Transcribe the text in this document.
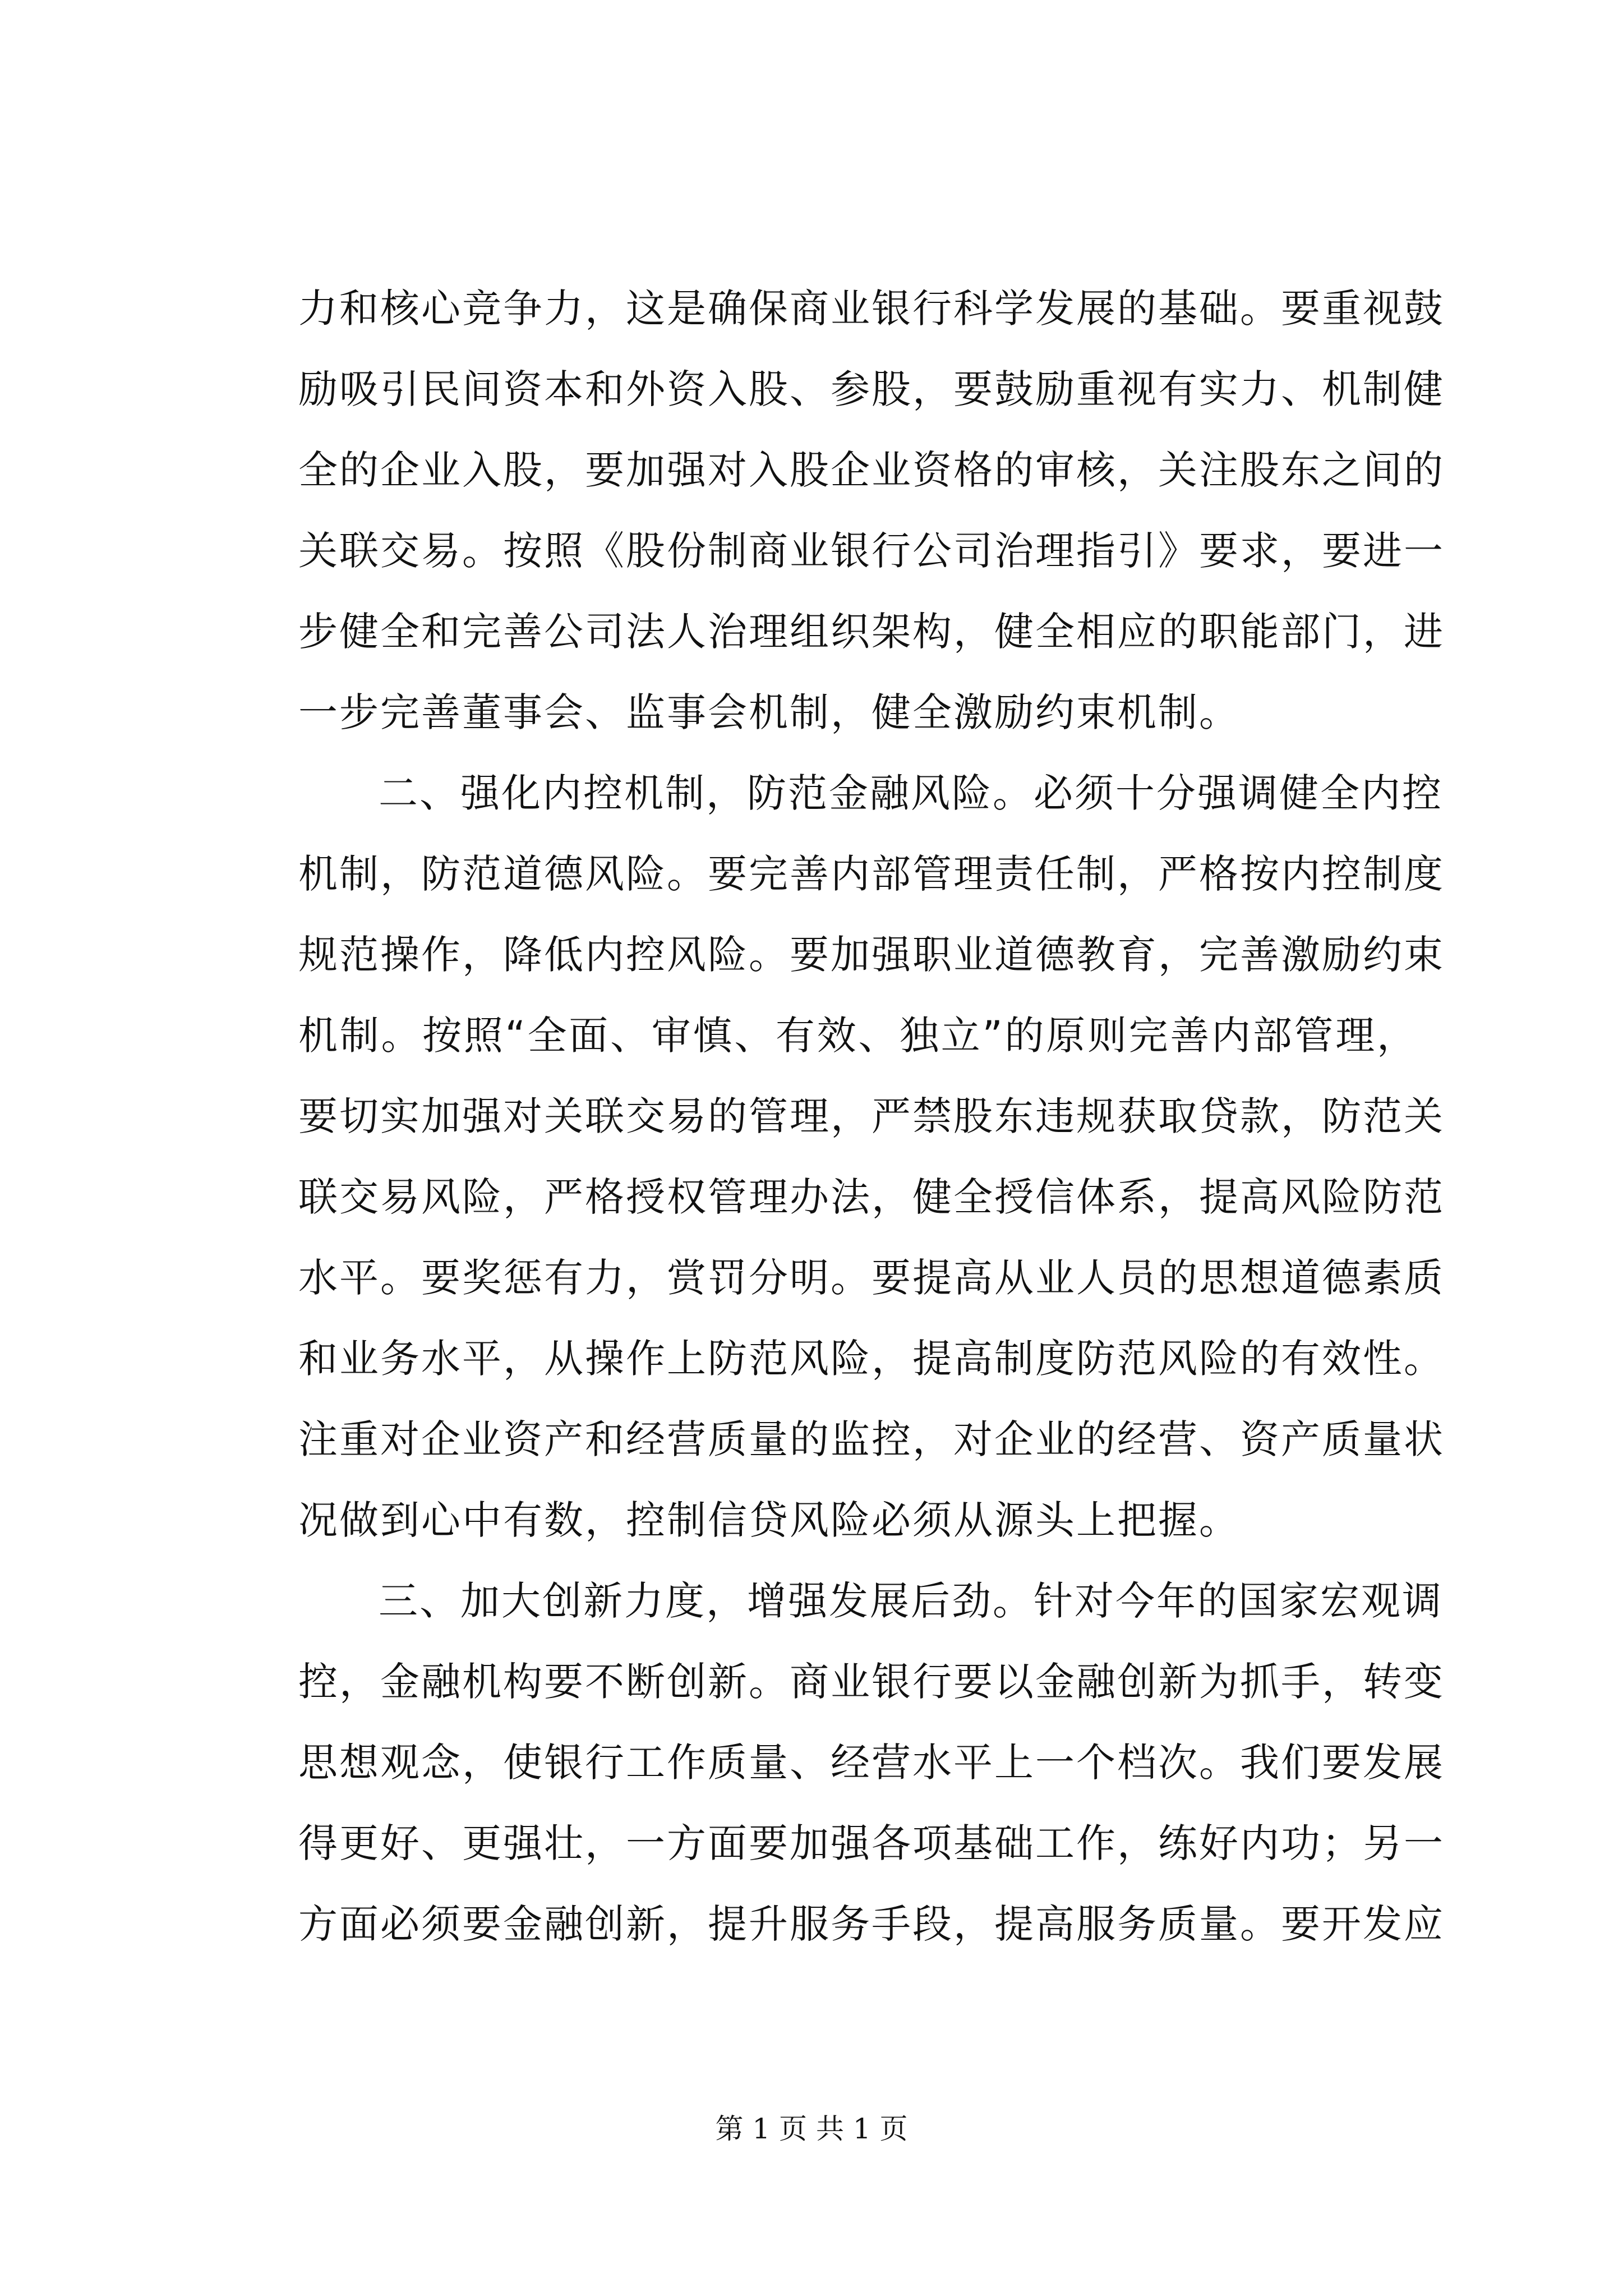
力和核心竞争力，这是确保商业银行科学发展的基础。要重视鼓
励吸引民间资本和外资入股、参股，要鼓励重视有实力、机制健
全的企业入股，要加强对入股企业资格的审核，关注股东之间的
关联交易。按照《股份制商业银行公司治理指引》要求，要进一
步健全和完善公司法人治理组织架构，健全相应的职能部门，进
一步完善董事会、监事会机制，健全激励约束机制。
二、强化内控机制，防范金融风险。必须十分强调健全内控
机制，防范道德风险。要完善内部管理责任制，严格按内控制度
规范操作，降低内控风险。要加强职业道德教育，完善激励约束
机制。按照“全面、审慎、有效、独立”的原则完善内部管理，
要切实加强对关联交易的管理，严禁股东违规获取贷款，防范关
联交易风险，严格授权管理办法，健全授信体系，提高风险防范
水平。要奖惩有力，赏罚分明。要提高从业人员的思想道德素质
和业务水平，从操作上防范风险，提高制度防范风险的有效性。
注重对企业资产和经营质量的监控，对企业的经营、资产质量状
况做到心中有数，控制信贷风险必须从源头上把握。
三、加大创新力度，增强发展后劲。针对今年的国家宏观调
控，金融机构要不断创新。商业银行要以金融创新为抓手，转变
思想观念，使银行工作质量、经营水平上一个档次。我们要发展
得更好、更强壮，一方面要加强各项基础工作，练好内功；另一
方面必须要金融创新，提升服务手段，提高服务质量。要开发应
第 1 页 共 1 页
